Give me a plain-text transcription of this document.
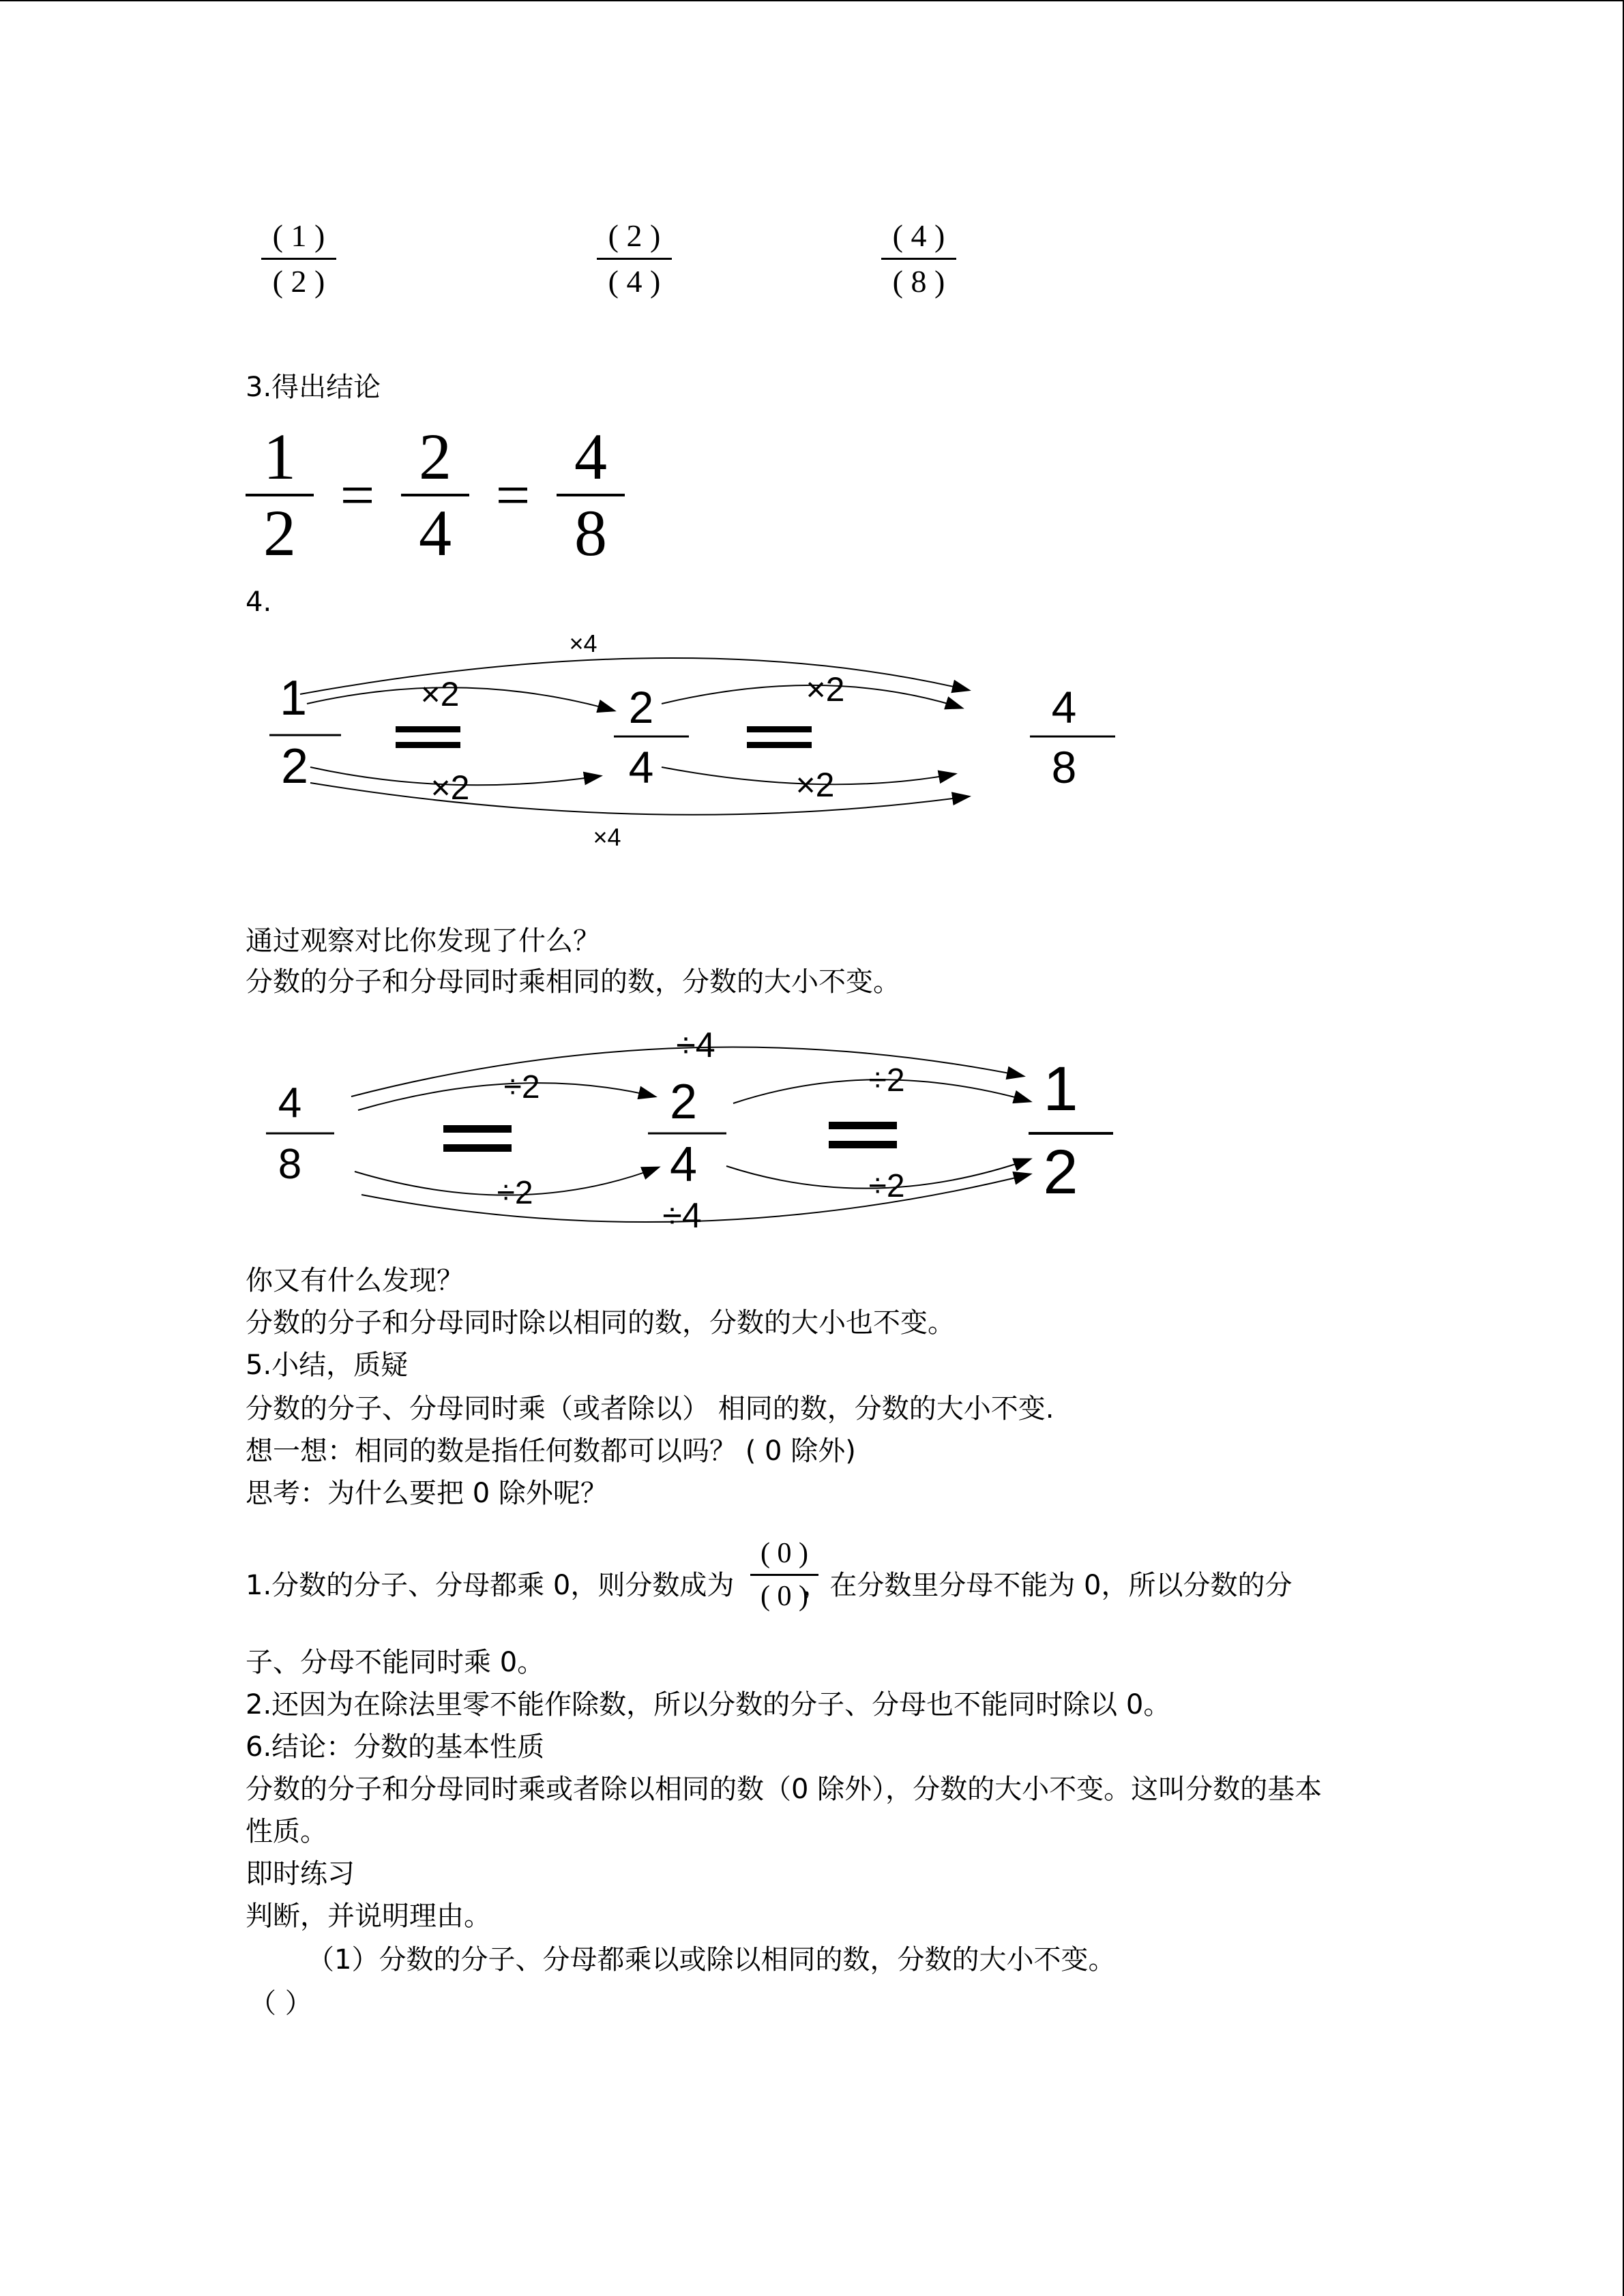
( 1 )
( 2 )
( 2 )
( 4 )
( 4 )
( 8 )
3.得出结论
$\frac{1}{2} = \frac{2}{4} = \frac{4}{8}$
4.
1
2
2
4
4
8
×4
×2	×2
×2	×2
×4
通过观察对比你发现了什么？
分数的分子和分母同时乘相同的数，分数的大小不变。
4
8
2
4
1
2
÷4
÷2	÷2
÷2	÷2
÷4
你又有什么发现？
分数的分子和分母同时除以相同的数，分数的大小也不变。
5.小结，质疑
分数的分子、分母同时乘（或者除以） 相同的数，分数的大小不变.
想一想：相同的数是指任何数都可以吗？ ( 0 除外)
思考：为什么要把 0 除外呢？
1.分数的分子、分母都乘 0，则分数成为	，在分数里分母不能为 0，所以分数的分
( 0 )
( 0 )
子、分母不能同时乘 0。
2.还因为在除法里零不能作除数，所以分数的分子、分母也不能同时除以 0。
6.结论：分数的基本性质
分数的分子和分母同时乘或者除以相同的数（0 除外），分数的大小不变。这叫分数的基本
性质。
即时练习
判断，并说明理由。
（1）分数的分子、分母都乘以或除以相同的数，分数的大小不变。
（ ）
